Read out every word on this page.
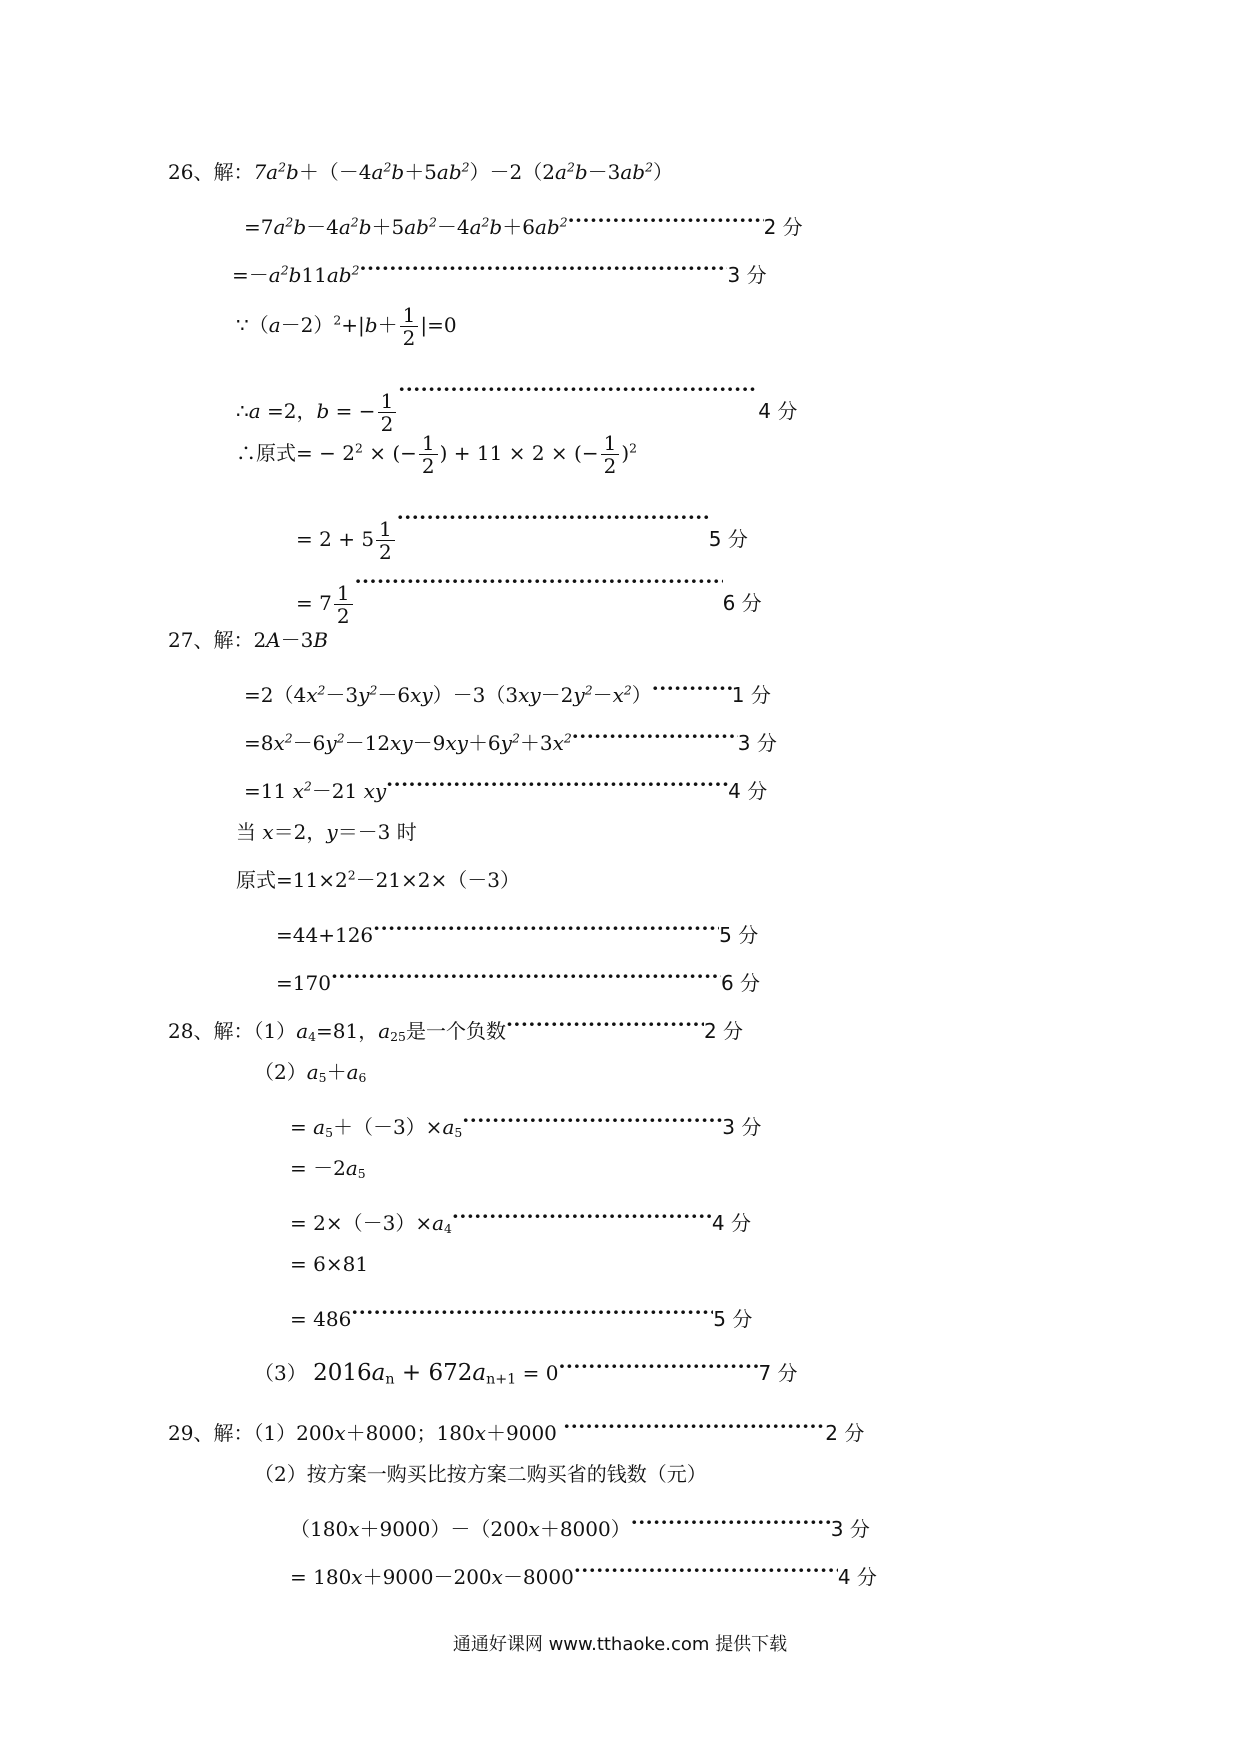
26、解：$7a^2b+(-4a^2b+5ab^2)-2(2a^2b-3ab^2)$
$=7a^2b-4a^2b+5ab^2-4a^2b+6ab^2\cdot\cdot\cdot\cdot\cdot$	2 分
$=-a^2b11ab^2\cdot\cdot\cdot\cdot\cdot$	3 分
$\because(a-2)^2+|b+ \frac{1}{2} |=0$
∴a =2，b = − $\frac{1}{2}$
·····	4 分
∴原式= − $2^2$ × (− $\frac{1}{2}$ ) + 11 × 2 × (− $\frac{1}{2} )^2$
= $2 + 5 \frac{1}{2}$
·····	5 分
= $7 \frac{1}{2}$
·····	6 分
27、解：2A－3B
$=2(4x^2-3y^2-6xy)-3(3xy-2y^2-x^2)\cdot\cdot\cdot\cdot\cdot$	1 分
$=8x^2-6y^2-12xy-9xy+6y^2+3x^2\cdot\cdot\cdot\cdot\cdot$	3 分
=11 $x^2-21$ xy·····	4 分
当 x＝2，y＝－3 时
原式$=11\times 2^2-21\times 2\times(-3)$
=44+126·····	5 分
=170·····	6 分
28、解：$(1)a_4=81$，$a_{25}$是一个负数·····	2 分
$(2)a_5+a_6$
= $a_5+(-3)\times a_5\cdot\cdot\cdot\cdot\cdot$	3 分
= $-2a_5$
= $2\times(-3)\times a_4\cdot\cdot\cdot\cdot\cdot$	4 分
= 6×81
= 486·····	5 分
（3） $2016a_n + 672a_{n+1} = 0\cdot\cdot\cdot\cdot\cdot$	7 分
29、解：（1）200x＋8000；180x＋9000 ·····	2 分
（2）按方案一购买比按方案二购买省的钱数（元）
（180x＋9000）－（200x＋8000）·····	3 分
= 180x＋9000－200x－8000·····	4 分
通通好课网 www.tthaoke.com 提供下载
